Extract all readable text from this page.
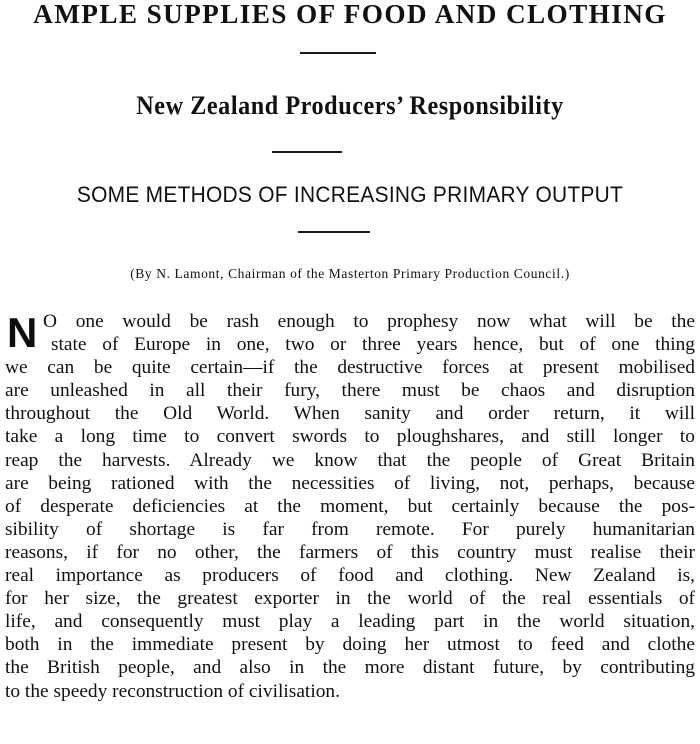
AMPLE SUPPLIES OF FOOD AND CLOTHING
New Zealand Producers’ Responsibility
SOME METHODS OF INCREASING PRIMARY OUTPUT

(By N. Lamont, Chairman of the Masterton Primary Production Council.)

N O one would be rash enough to prophesy now what will be the
state of Europe in one, two or three years hence, but of one thing
we can be quite certain—if the destructive forces at present mobilised
are unleashed in all their fury, there must be chaos and disruption
throughout the Old World. When sanity and order return, it will
take a long time to convert swords to ploughshares, and still longer to
reap the harvests. Already we know that the people of Great Britain
are being rationed with the necessities of living, not, perhaps, because
of desperate deficiencies at the moment, but certainly because the pos-
sibility of shortage is far from remote. For purely humanitarian
reasons, if for no other, the farmers of this country must realise their
real importance as producers of food and clothing. New Zealand is,
for her size, the greatest exporter in the world of the real essentials of
life, and consequently must play a leading part in the world situation,
both in the immediate present by doing her utmost to feed and clothe
the British people, and also in the more distant future, by contributing
to the speedy reconstruction of civilisation.
